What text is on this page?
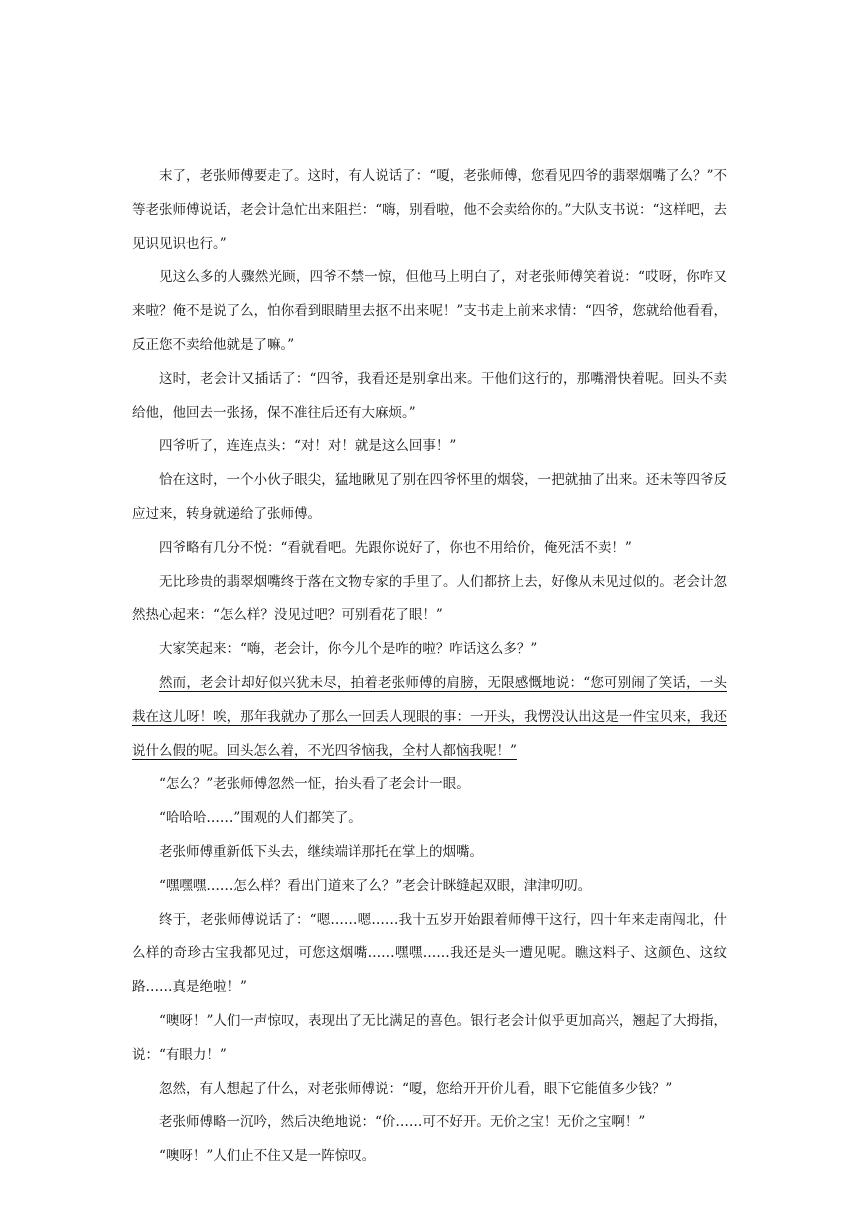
末了，老张师傅要走了。这时，有人说话了：“嗄，老张师傅，您看见四爷的翡翠烟嘴了么？”不等老张师傅说话，老会计急忙出来阻拦：“嗨，别看啦，他不会卖给你的。”大队支书说：“这样吧，去见识见识也行。”

见这么多的人骤然光顾，四爷不禁一惊，但他马上明白了，对老张师傅笑着说：“哎呀，你咋又来啦？俺不是说了么，怕你看到眼睛里去抠不出来呢！”支书走上前来求情：“四爷，您就给他看看，反正您不卖给他就是了嘛。”

这时，老会计又插话了：“四爷，我看还是别拿出来。干他们这行的，那嘴滑快着呢。回头不卖给他，他回去一张扬，保不准往后还有大麻烦。”

四爷听了，连连点头：“对！对！就是这么回事！”

恰在这时，一个小伙子眼尖，猛地瞅见了别在四爷怀里的烟袋，一把就抽了出来。还未等四爷反应过来，转身就递给了张师傅。

四爷略有几分不悦：“看就看吧。先跟你说好了，你也不用给价，俺死活不卖！”

无比珍贵的翡翠烟嘴终于落在文物专家的手里了。人们都挤上去，好像从未见过似的。老会计忽然热心起来：“怎么样？没见过吧？可别看花了眼！”

大家笑起来：“嗨，老会计，你今儿个是咋的啦？咋话这么多？”

然而，老会计却好似兴犹未尽，拍着老张师傅的肩膀，无限感慨地说：“您可别闹了笑话，一头栽在这儿呀！唉，那年我就办了那么一回丢人现眼的事：一开头，我愣没认出这是一件宝贝来，我还说什么假的呢。回头怎么着，不光四爷恼我，全村人都恼我呢！”

“怎么？”老张师傅忽然一怔，抬头看了老会计一眼。

“哈哈哈……”围观的人们都笑了。

老张师傅重新低下头去，继续端详那托在掌上的烟嘴。

“嘿嘿嘿……怎么样？看出门道来了么？”老会计眯缝起双眼，津津叨叨。

终于，老张师傅说话了：“嗯……嗯……我十五岁开始跟着师傅干这行，四十年来走南闯北，什么样的奇珍古宝我都见过，可您这烟嘴……嘿嘿……我还是头一遭见呢。瞧这料子、这颜色、这纹路……真是绝啦！”

“噢呀！”人们一声惊叹，表现出了无比满足的喜色。银行老会计似乎更加高兴，翘起了大拇指，说：“有眼力！”

忽然，有人想起了什么，对老张师傅说：“嗄，您给开开价儿看，眼下它能值多少钱？”

老张师傅略一沉吟，然后决绝地说：“价……可不好开。无价之宝！无价之宝啊！”

“噢呀！”人们止不住又是一阵惊叹。
